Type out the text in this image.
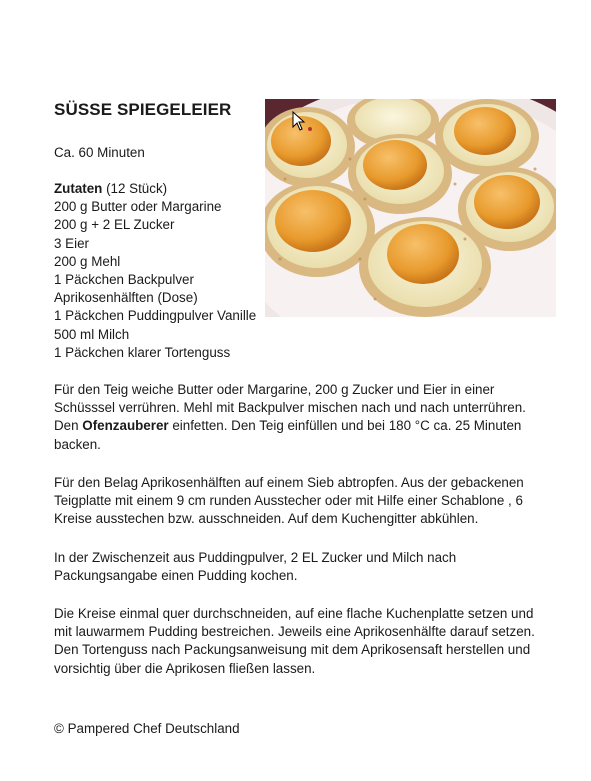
SÜSSE SPIEGELEIER
Ca. 60 Minuten
Zutaten (12 Stück)
200 g Butter oder Margarine
200 g + 2 EL Zucker
3 Eier
200 g Mehl
1 Päckchen Backpulver
Aprikosenhälften (Dose)
1 Päckchen Puddingpulver Vanille
500 ml Milch
1 Päckchen klarer Tortenguss
Für den Teig weiche Butter oder Margarine, 200 g Zucker und Eier in einer Schüsssel verrühren. Mehl mit Backpulver mischen nach und nach unterrühren. Den Ofenzauberer einfetten. Den Teig einfüllen und bei 180 °C ca. 25 Minuten backen.
Für den Belag Aprikosenhälften auf einem Sieb abtropfen. Aus der gebackenen Teigplatte mit einem 9 cm runden Ausstecher oder mit Hilfe einer Schablone , 6 Kreise ausstechen bzw. ausschneiden. Auf dem Kuchengitter abkühlen.
In der Zwischenzeit aus Puddingpulver, 2 EL Zucker und Milch nach Packungsangabe einen Pudding kochen.
Die Kreise einmal quer durchschneiden, auf eine flache Kuchenplatte setzen und mit lauwarmem Pudding bestreichen. Jeweils eine Aprikosenhälfte darauf setzen. Den Tortenguss nach Packungsanweisung mit dem Aprikosensaft herstellen und vorsichtig über die Aprikosen fließen lassen.
© Pampered Chef Deutschland
